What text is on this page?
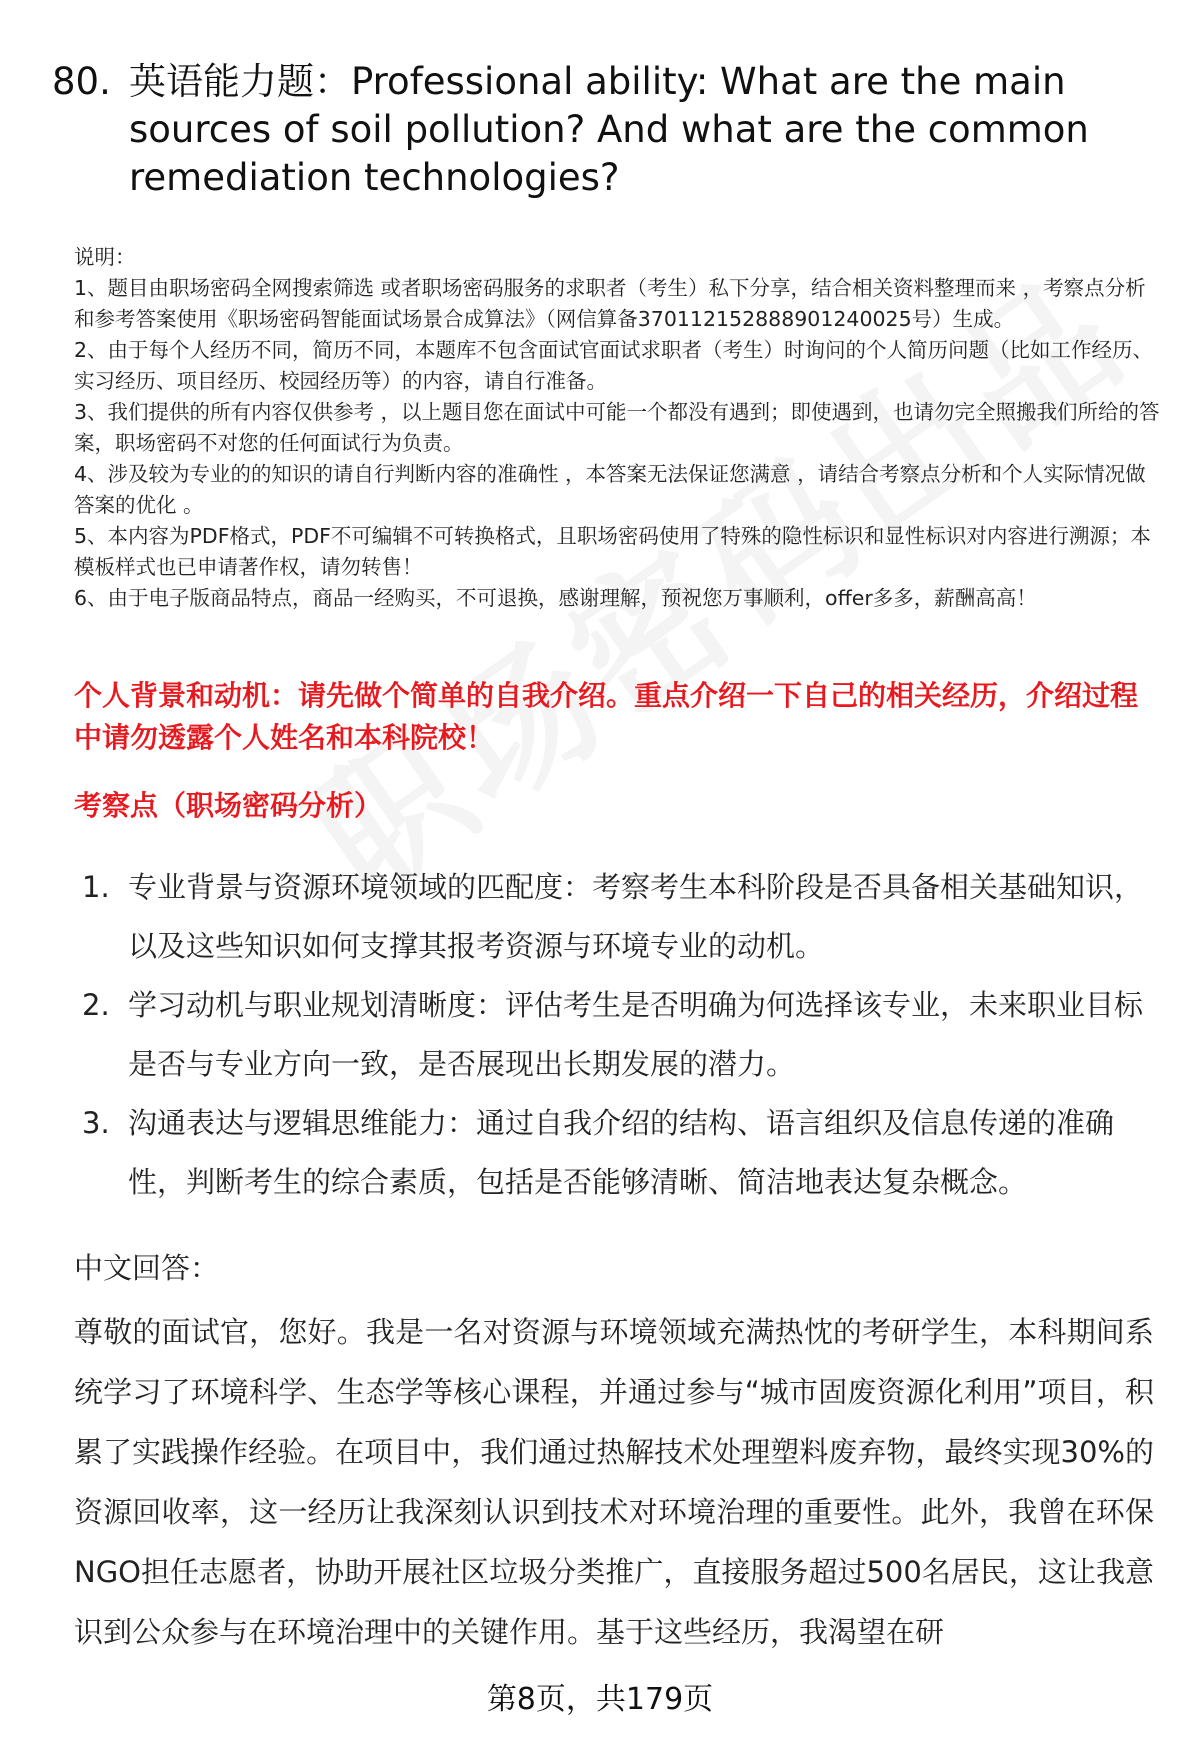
80. 英语能力题：Professional ability: What are the main sources of soil pollution? And what are the common remediation technologies?
说明：
1、题目由职场密码全网搜索筛选 或者职场密码服务的求职者（考生）私下分享，结合相关资料整理而来 ，考察点分析和参考答案使用《职场密码智能面试场景合成算法》（网信算备370112152888901240025号）生成。
2、由于每个人经历不同，简历不同，本题库不包含面试官面试求职者（考生）时询问的个人简历问题（比如工作经历、实习经历、项目经历、校园经历等）的内容，请自行准备。
3、我们提供的所有内容仅供参考 ，以上题目您在面试中可能一个都没有遇到；即使遇到，也请勿完全照搬我们所给的答案，职场密码不对您的任何面试行为负责。
4、涉及较为专业的的知识的请自行判断内容的准确性 ，本答案无法保证您满意 ，请结合考察点分析和个人实际情况做答案的优化 。
5、本内容为PDF格式，PDF不可编辑不可转换格式，且职场密码使用了特殊的隐性标识和显性标识对内容进行溯源；本模板样式也已申请著作权，请勿转售！
6、由于电子版商品特点，商品一经购买，不可退换，感谢理解，预祝您万事顺利，offer多多，薪酬高高！
个人背景和动机：请先做个简单的自我介绍。重点介绍一下自己的相关经历，介绍过程中请勿透露个人姓名和本科院校！
考察点（职场密码分析）
1. 专业背景与资源环境领域的匹配度：考察考生本科阶段是否具备相关基础知识，以及这些知识如何支撑其报考资源与环境专业的动机。
2. 学习动机与职业规划清晰度：评估考生是否明确为何选择该专业，未来职业目标是否与专业方向一致，是否展现出长期发展的潜力。
3. 沟通表达与逻辑思维能力：通过自我介绍的结构、语言组织及信息传递的准确性，判断考生的综合素质，包括是否能够清晰、简洁地表达复杂概念。
中文回答：
尊敬的面试官，您好。我是一名对资源与环境领域充满热忱的考研学生，本科期间系统学习了环境科学、生态学等核心课程，并通过参与“城市固废资源化利用”项目，积累了实践操作经验。在项目中，我们通过热解技术处理塑料废弃物，最终实现30%的资源回收率，这一经历让我深刻认识到技术对环境治理的重要性。此外，我曾在环保NGO担任志愿者，协助开展社区垃圾分类推广，直接服务超过500名居民，这让我意识到公众参与在环境治理中的关键作用。基于这些经历，我渴望在研
第8页，共179页
